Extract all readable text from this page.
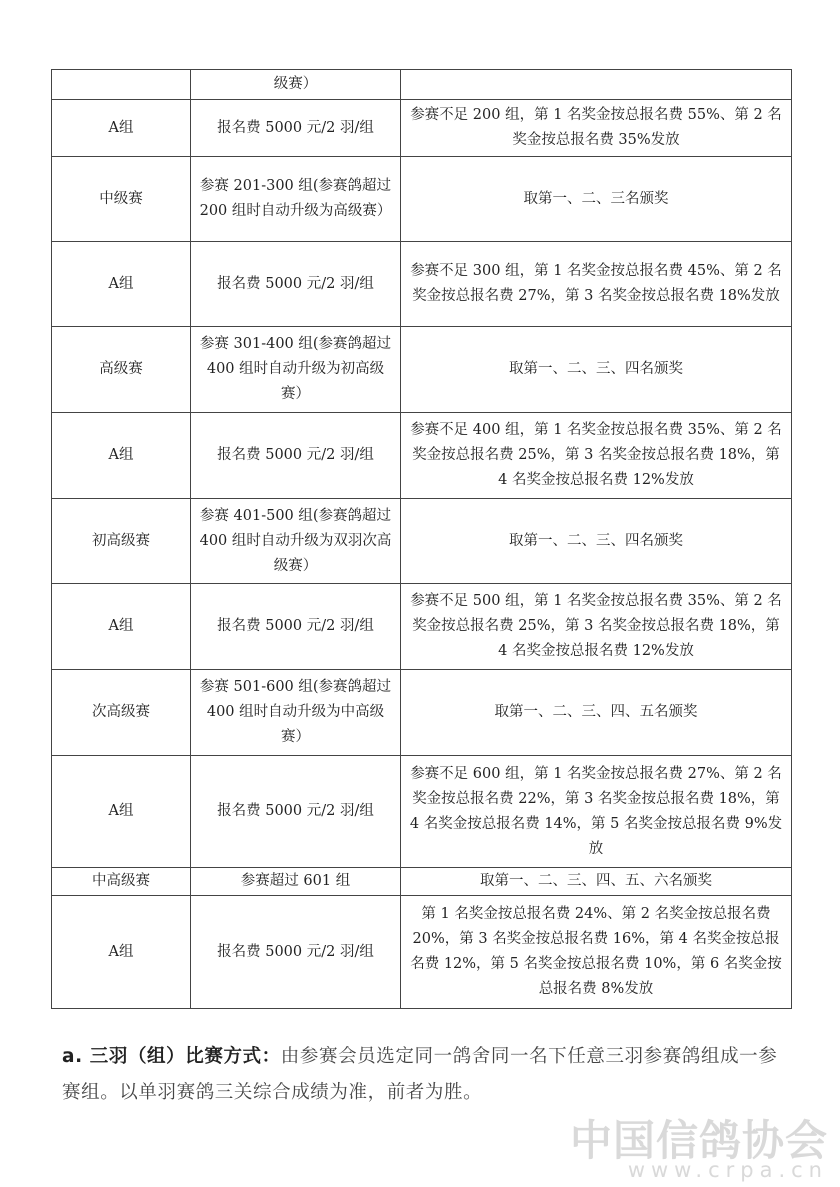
	级赛）	
A组	报名费 5000 元/2 羽/组	参赛不足 200 组，第 1 名奖金按总报名费 55%、第 2 名奖金按总报名费 35%发放
中级赛	参赛 201-300 组(参赛鸽超过 200 组时自动升级为高级赛）	取第一、二、三名颁奖
A组	报名费 5000 元/2 羽/组	参赛不足 300 组，第 1 名奖金按总报名费 45%、第 2 名奖金按总报名费 27%，第 3 名奖金按总报名费 18%发放
高级赛	参赛 301-400 组(参赛鸽超过 400 组时自动升级为初高级赛）	取第一、二、三、四名颁奖
A组	报名费 5000 元/2 羽/组	参赛不足 400 组，第 1 名奖金按总报名费 35%、第 2 名奖金按总报名费 25%，第 3 名奖金按总报名费 18%，第 4 名奖金按总报名费 12%发放
初高级赛	参赛 401-500 组(参赛鸽超过 400 组时自动升级为双羽次高级赛）	取第一、二、三、四名颁奖
A组	报名费 5000 元/2 羽/组	参赛不足 500 组，第 1 名奖金按总报名费 35%、第 2 名奖金按总报名费 25%，第 3 名奖金按总报名费 18%，第 4 名奖金按总报名费 12%发放
次高级赛	参赛 501-600 组(参赛鸽超过 400 组时自动升级为中高级赛）	取第一、二、三、四、五名颁奖
A组	报名费 5000 元/2 羽/组	参赛不足 600 组，第 1 名奖金按总报名费 27%、第 2 名奖金按总报名费 22%，第 3 名奖金按总报名费 18%，第 4 名奖金按总报名费 14%，第 5 名奖金按总报名费 9%发放
中高级赛	参赛超过 601 组	取第一、二、三、四、五、六名颁奖
A组	报名费 5000 元/2 羽/组	第 1 名奖金按总报名费 24%、第 2 名奖金按总报名费 20%，第 3 名奖金按总报名费 16%，第 4 名奖金按总报名费 12%，第 5 名奖金按总报名费 10%，第 6 名奖金按总报名费 8%发放
a. 三羽（组）比赛方式：由参赛会员选定同一鸽舍同一名下任意三羽参赛鸽组成一参赛组。以单羽赛鸽三关综合成绩为准，前者为胜。
中国信鸽协会
www.crpa.cn
